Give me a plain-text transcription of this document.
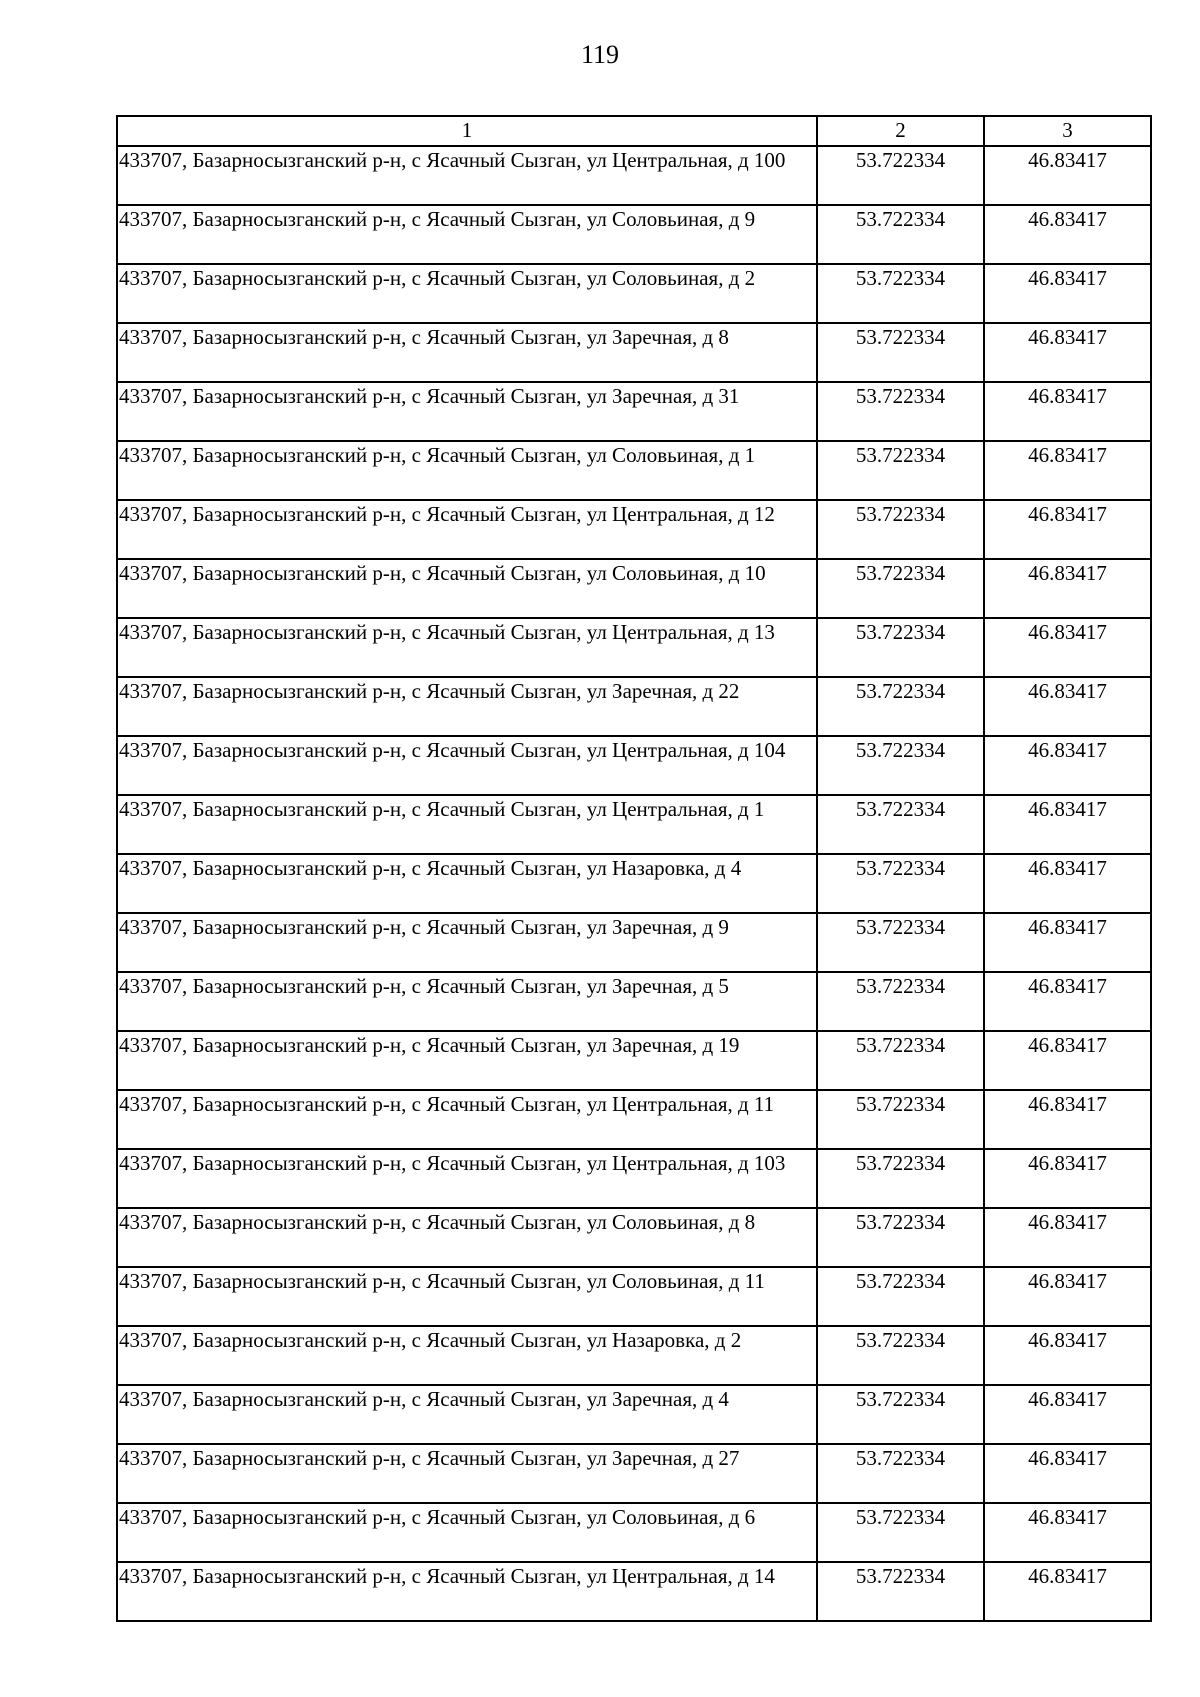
119
1	2	3
433707, Базарносызганский р-н, с Ясачный Сызган, ул Центральная, д 100	53.722334	46.83417
433707, Базарносызганский р-н, с Ясачный Сызган, ул Соловьиная, д 9	53.722334	46.83417
433707, Базарносызганский р-н, с Ясачный Сызган, ул Соловьиная, д 2	53.722334	46.83417
433707, Базарносызганский р-н, с Ясачный Сызган, ул Заречная, д 8	53.722334	46.83417
433707, Базарносызганский р-н, с Ясачный Сызган, ул Заречная, д 31	53.722334	46.83417
433707, Базарносызганский р-н, с Ясачный Сызган, ул Соловьиная, д 1	53.722334	46.83417
433707, Базарносызганский р-н, с Ясачный Сызган, ул Центральная, д 12	53.722334	46.83417
433707, Базарносызганский р-н, с Ясачный Сызган, ул Соловьиная, д 10	53.722334	46.83417
433707, Базарносызганский р-н, с Ясачный Сызган, ул Центральная, д 13	53.722334	46.83417
433707, Базарносызганский р-н, с Ясачный Сызган, ул Заречная, д 22	53.722334	46.83417
433707, Базарносызганский р-н, с Ясачный Сызган, ул Центральная, д 104	53.722334	46.83417
433707, Базарносызганский р-н, с Ясачный Сызган, ул Центральная, д 1	53.722334	46.83417
433707, Базарносызганский р-н, с Ясачный Сызган, ул Назаровка, д 4	53.722334	46.83417
433707, Базарносызганский р-н, с Ясачный Сызган, ул Заречная, д 9	53.722334	46.83417
433707, Базарносызганский р-н, с Ясачный Сызган, ул Заречная, д 5	53.722334	46.83417
433707, Базарносызганский р-н, с Ясачный Сызган, ул Заречная, д 19	53.722334	46.83417
433707, Базарносызганский р-н, с Ясачный Сызган, ул Центральная, д 11	53.722334	46.83417
433707, Базарносызганский р-н, с Ясачный Сызган, ул Центральная, д 103	53.722334	46.83417
433707, Базарносызганский р-н, с Ясачный Сызган, ул Соловьиная, д 8	53.722334	46.83417
433707, Базарносызганский р-н, с Ясачный Сызган, ул Соловьиная, д 11	53.722334	46.83417
433707, Базарносызганский р-н, с Ясачный Сызган, ул Назаровка, д 2	53.722334	46.83417
433707, Базарносызганский р-н, с Ясачный Сызган, ул Заречная, д 4	53.722334	46.83417
433707, Базарносызганский р-н, с Ясачный Сызган, ул Заречная, д 27	53.722334	46.83417
433707, Базарносызганский р-н, с Ясачный Сызган, ул Соловьиная, д 6	53.722334	46.83417
433707, Базарносызганский р-н, с Ясачный Сызган, ул Центральная, д 14	53.722334	46.83417
